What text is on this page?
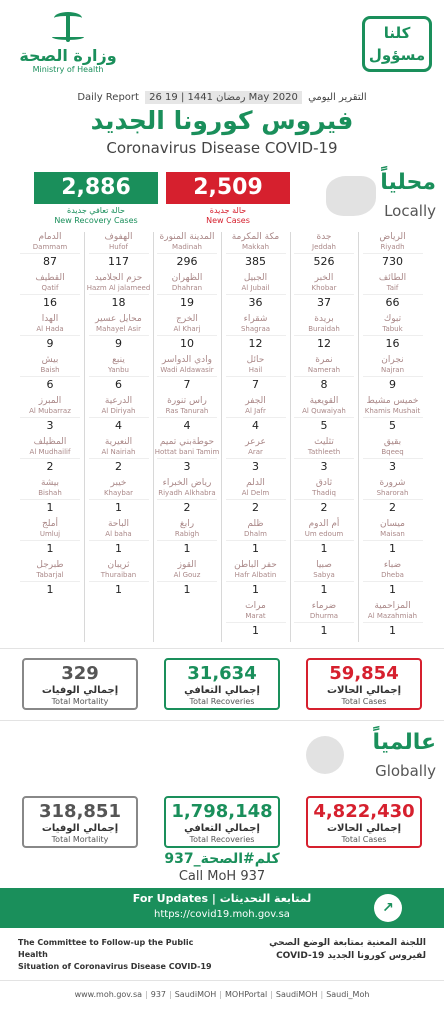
وزارة الصحة
Ministry of Health
كلنا
مسؤول
Daily Report 26 رمضان 1441 | 19 May 2020 التقرير اليومي
فيروس كورونا الجديد
Coronavirus Disease COVID-19
2,886
حالة تعافي جديدة
New Recovery Cases
2,509
حالة جديدة
New Cases
محلياً
Locally
الرياض
Riyadh
730
الطائف
Taif
66
تبوك
Tabuk
16
نجران
Najran
9
خميس مشيط
Khamis Mushait
5
بقيق
Bqeeq
3
شرورة
Sharorah
2
ميسان
Maisan
1
ضباء
Dheba
1
المزاحمية
Al Mazahmiah
1
جدة
Jeddah
526
الخبر
Khobar
37
بريدة
Buraidah
12
نمرة
Namerah
8
القويعية
Al Quwaiyah
5
تثليث
Tathleeth
3
ثادق
Thadiq
2
أم الدوم
Um edoum
1
صبيا
Sabya
1
ضرماء
Dhurma
1
مكة المكرمة
Makkah
385
الجبيل
Al Jubail
36
شقراء
Shagraa
12
حائل
Hail
7
الجفر
Al Jafr
4
عرعر
Arar
3
الدلم
Al Delm
2
ظلم
Dhalm
1
حفر الباطن
Hafr Albatin
1
مرات
Marat
1
المدينة المنورة
Madinah
296
الظهران
Dhahran
19
الخرج
Al Kharj
10
وادي الدواسر
Wadi Aldawasir
7
راس تنورة
Ras Tanurah
4
حوطةبني تميم
Hottat bani Tamim
3
رياض الخبراء
Riyadh Alkhabra
2
رابغ
Rabigh
1
القوز
Al Gouz
1
الهفوف
Hufof
117
حزم الجلاميد
Hazm Al jalameed
18
محايل عسير
Mahayel Asir
9
ينبع
Yanbu
6
الدرعية
Al Diriyah
4
النعيرية
Al Nairiah
2
خيبر
Khaybar
1
الباحة
Al baha
1
ثريبان
Thuraiban
1
الدمام
Dammam
87
القطيف
Qatif
16
الهدا
Al Hada
9
بيش
Baish
6
المبرز
Al Mubarraz
3
المظيلف
Al Mudhailif
2
بيشة
Bishah
1
أملج
Umluj
1
طبرجل
Tabarjal
1
329
إجمالي الوفيات
Total Mortality
31,634
إجمالي التعافي
Total Recoveries
59,854
إجمالي الحالات
Total Cases
عالمياً
Globally
318,851
إجمالي الوفيات
Total Mortality
1,798,148
إجمالي التعافي
Total Recoveries
4,822,430
إجمالي الحالات
Total Cases
كلم#الصحة_937
Call MoH 937
For Updates | لمتابعة التحديثات
https://covid19.moh.gov.sa	↗
The Committee to Follow-up the Public Health
Situation of Coronavirus Disease COVID-19
اللجنة المعنية بمتابعة الوضع الصحي
لفيروس كورونا الجديد COVID-19
www.moh.gov.sa | 937 | SaudiMOH | MOHPortal | SaudiMOH | Saudi_Moh
